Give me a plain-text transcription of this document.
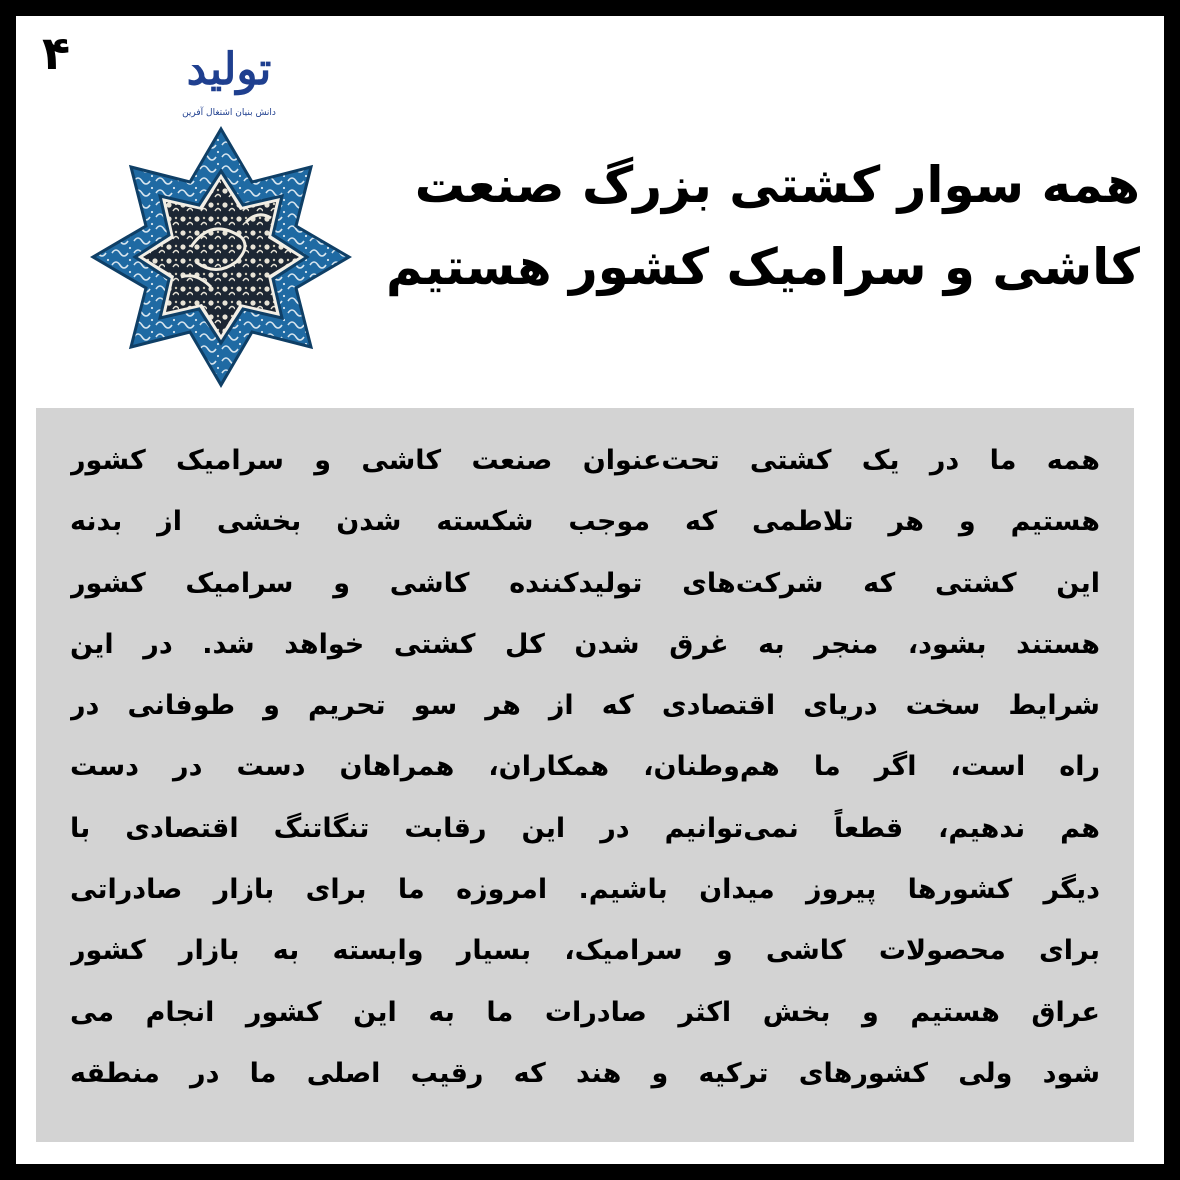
۴	تولید
دانش بنیان اشتغال آفرین
همه سوار کشتی بزرگ صنعت
کاشی و سرامیک کشور هستیم
همه ما در یک کشتی تحت‌عنوان صنعت کاشی و سرامیک کشور
هستیم و هر تلاطمی که موجب شکسته شدن بخشی از بدنه
این کشتی که شرکت‌های تولیدکننده کاشی و سرامیک کشور
هستند بشود، منجر به غرق شدن کل کشتی خواهد شد. در این
شرایط سخت دریای اقتصادی که از هر سو تحریم و طوفانی در
راه است، اگر ما هم‌وطنان، همکاران، همراهان دست در دست
هم ندهیم، قطعاً نمی‌توانیم در این رقابت تنگاتنگ اقتصادی با
دیگر کشورها پیروز میدان باشیم. امروزه ما برای بازار صادراتی
برای محصولات کاشی و سرامیک، بسیار وابسته به بازار کشور
عراق هستیم و بخش اکثر صادرات ما به این کشور انجام می
شود ولی کشورهای ترکیه و هند که رقیب اصلی ما در منطقه
